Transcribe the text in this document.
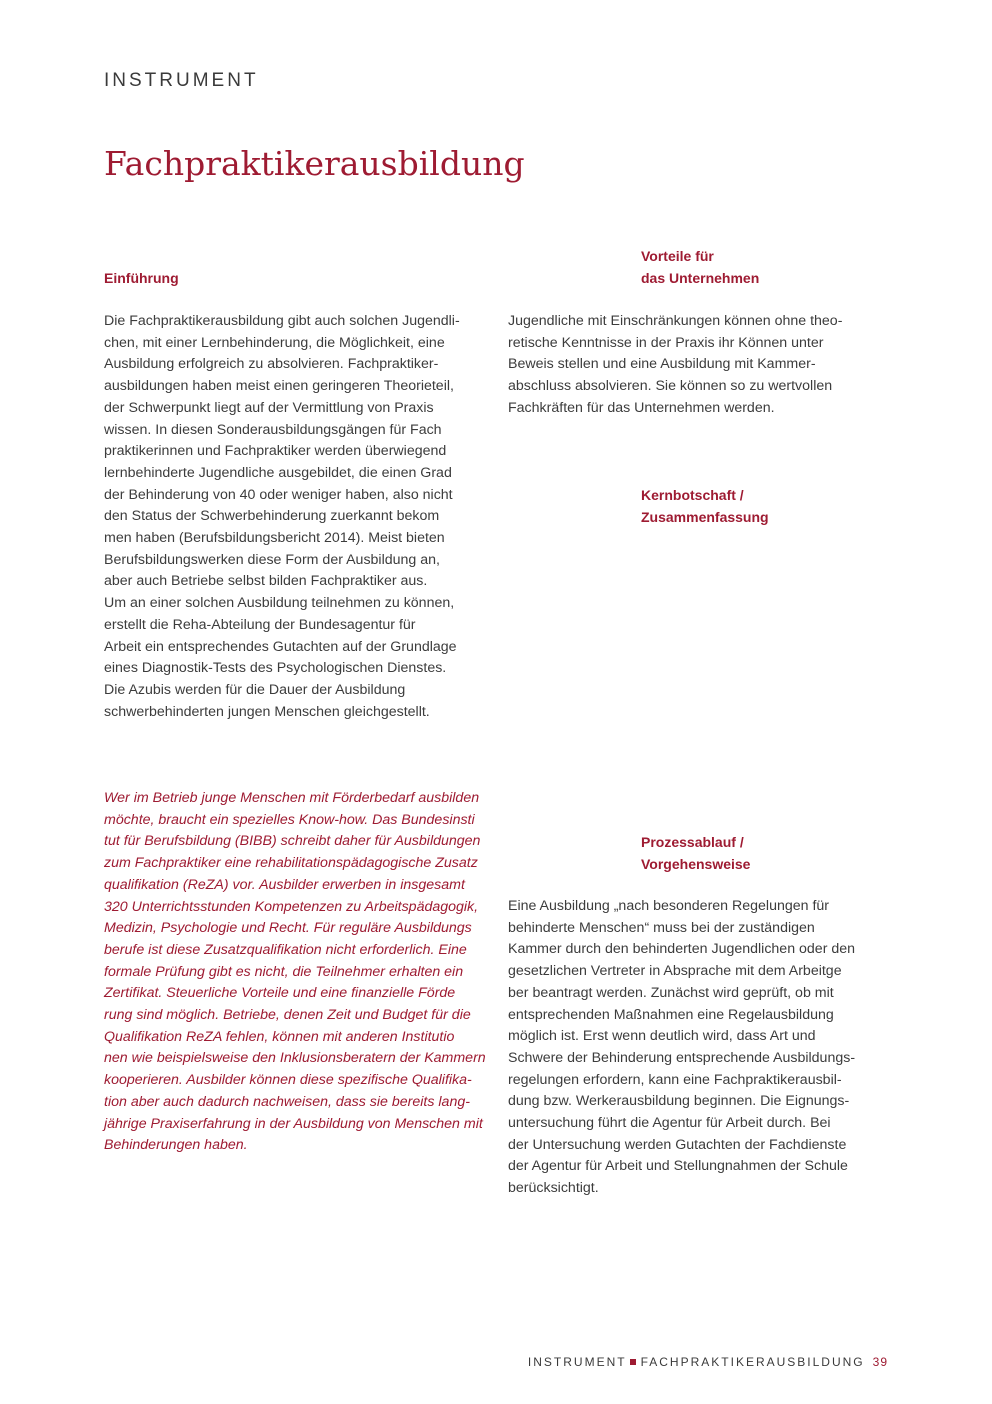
INSTRUMENT
Fachpraktikerausbildung
Einführung
Die Fachpraktikerausbildung gibt auch solchen Jugendli-
chen, mit einer Lernbehinderung, die Möglichkeit, eine
Ausbildung erfolgreich zu absolvieren. Fachpraktiker-
ausbildungen haben meist einen geringeren Theorieteil,
der Schwerpunkt liegt auf der Vermittlung von Praxis
wissen. In diesen Sonderausbildungsgängen für Fach
praktikerinnen und Fachpraktiker werden überwiegend
lernbehinderte Jugendliche ausgebildet, die einen Grad
der Behinderung von 40 oder weniger haben, also nicht
den Status der Schwerbehinderung zuerkannt bekom
men haben (Berufsbildungsbericht 2014). Meist bieten
Berufsbildungswerken diese Form der Ausbildung an,
aber auch Betriebe selbst bilden Fachpraktiker aus.
Um an einer solchen Ausbildung teilnehmen zu können,
erstellt die Reha-Abteilung der Bundesagentur für
Arbeit ein entsprechendes Gutachten auf der Grundlage
eines Diagnostik-Tests des Psychologischen Dienstes.
Die Azubis werden für die Dauer der Ausbildung
schwerbehinderten jungen Menschen gleichgestellt.
Wer im Betrieb junge Menschen mit Förderbedarf ausbilden
möchte, braucht ein spezielles Know-how. Das Bundesinsti
tut für Berufsbildung (BIBB) schreibt daher für Ausbildungen
zum Fachpraktiker eine rehabilitationspädagogische Zusatz
qualifikation (ReZA) vor. Ausbilder erwerben in insgesamt
320 Unterrichtsstunden Kompetenzen zu Arbeitspädagogik,
Medizin, Psychologie und Recht. Für reguläre Ausbildungs
berufe ist diese Zusatzqualifikation nicht erforderlich. Eine
formale Prüfung gibt es nicht, die Teilnehmer erhalten ein
Zertifikat. Steuerliche Vorteile und eine finanzielle Förde
rung sind möglich. Betriebe, denen Zeit und Budget für die
Qualifikation ReZA fehlen, können mit anderen Institutio
nen wie beispielsweise den Inklusionsberatern der Kammern
kooperieren. Ausbilder können diese spezifische Qualifika-
tion aber auch dadurch nachweisen, dass sie bereits lang-
jährige Praxiserfahrung in der Ausbildung von Menschen mit
Behinderungen haben.
Vorteile für
das Unternehmen
Jugendliche mit Einschränkungen können ohne theo-
retische Kenntnisse in der Praxis ihr Können unter
Beweis stellen und eine Ausbildung mit Kammer-
abschluss absolvieren. Sie können so zu wertvollen
Fachkräften für das Unternehmen werden.
Kernbotschaft /
Zusammenfassung
Prozessablauf /
Vorgehensweise
Eine Ausbildung „nach besonderen Regelungen für
behinderte Menschen“ muss bei der zuständigen
Kammer durch den behinderten Jugendlichen oder den
gesetzlichen Vertreter in Absprache mit dem Arbeitge
ber beantragt werden. Zunächst wird geprüft, ob mit
entsprechenden Maßnahmen eine Regelausbildung
möglich ist. Erst wenn deutlich wird, dass Art und
Schwere der Behinderung entsprechende Ausbildungs-
regelungen erfordern, kann eine Fachpraktikerausbil-
dung bzw. Werkerausbildung beginnen. Die Eignungs-
untersuchung führt die Agentur für Arbeit durch. Bei
der Untersuchung werden Gutachten der Fachdienste
der Agentur für Arbeit und Stellungnahmen der Schule
berücksichtigt.
INSTRUMENT FACHPRAKTIKERAUSBILDUNG 39
